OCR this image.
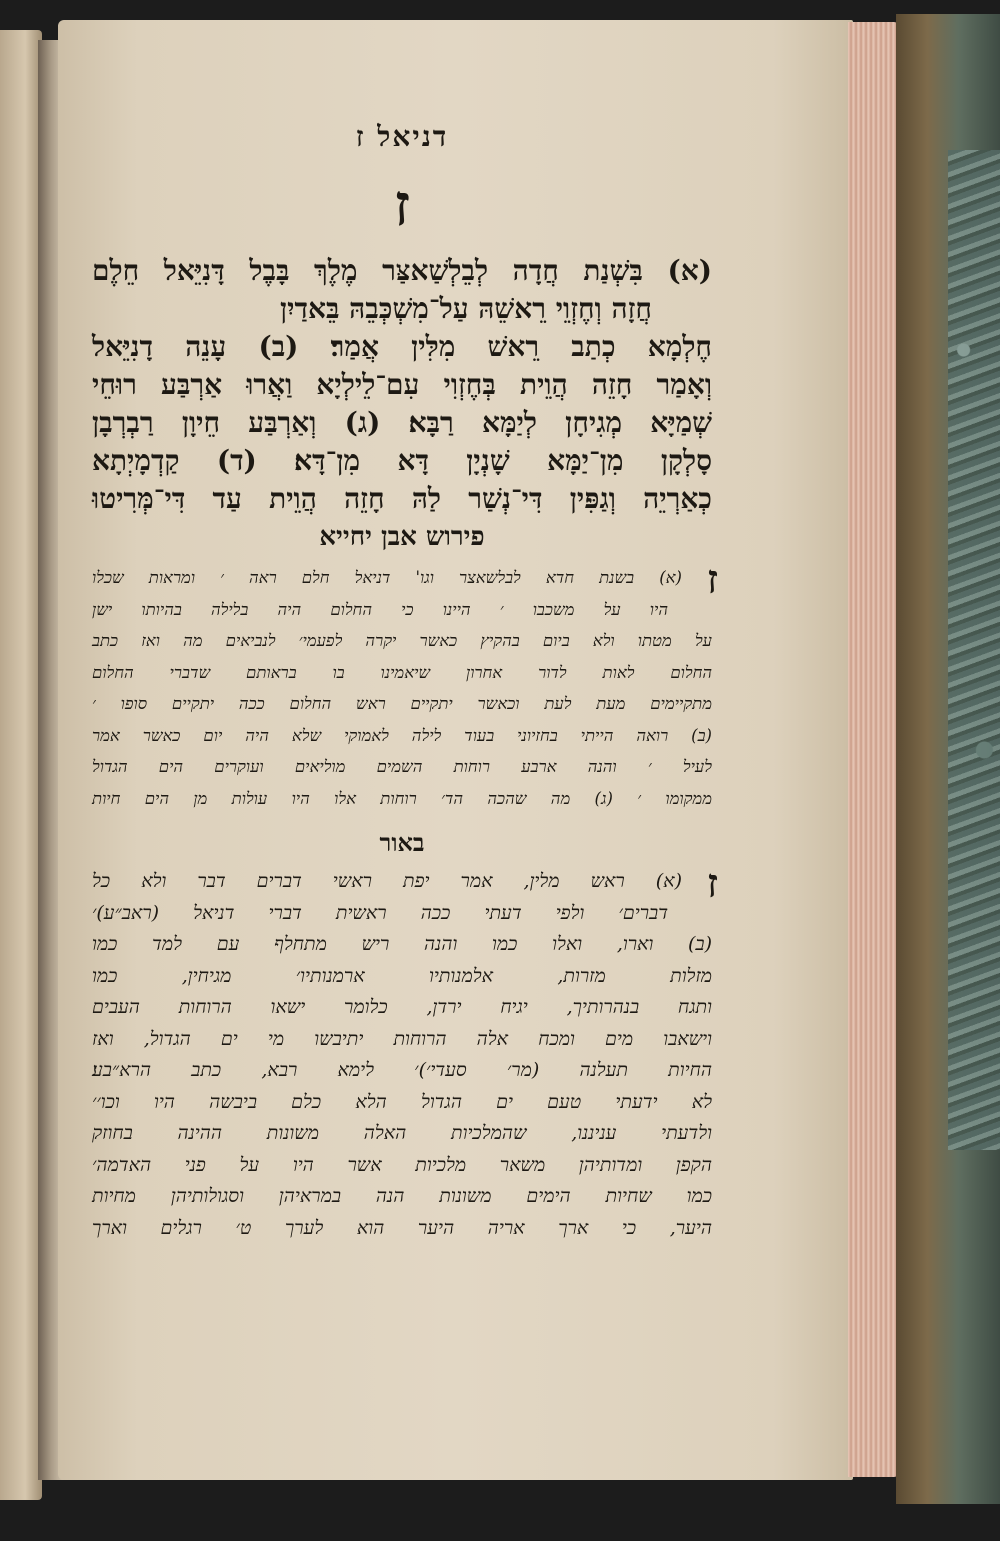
דניאל ז
ז

(א) בִּשְׁנַת חֲדָה לְבֵלְשַׁאצַּר מֶלֶךְ בָּבֶל דָּנִיֵּאל חֵלֶם

חֲזָה וְחֶזְוֵי רֵאשֵׁהּ עַל־מִשְׁכְּבֵהּ בֵּאדַיִן

חֶלְמָא כְתַב רֵאשׁ מִלִּין אֲמַר׃ (ב) עָנֵה דָנִיֵּאל

וְאָמַר חָזֵה הֲוֵית בְּחֶזְוִי עִם־לֵילְיָא וַאֲרוּ אַרְבַּע רוּחֵי

שְׁמַיָּא מְגִיחָן לְיַמָּא רַבָּא׃ (ג) וְאַרְבַּע חֵיוָן רַבְרְבָן

סָלְקָן מִן־יַמָּא שָׁנְיָן דָּא מִן־דָּא׃ (ד) קַדְמָיְתָא

כְאַרְיֵה וְגַפִּין דִּי־נְשַׁר לַהּ חָזֵה הֲוֵית עַד דִּי־מְּרִיטוּ

פירוש אבן יחייא
ז

(א) בשנת חדא לבלשאצר וגו' דניאל חלם ראה ׳ ומראות שכלו

היו על משכבו ׳ היינו כי החלום היה בלילה בהיותו ישן

על מטתו ולא ביום בהקיץ כאשר יקרה לפעמי׳ לנביאים מה ואז כתב

החלום לאות לדור אחרון שיאמינו בו בראותם שדברי החלום

מתקיימים מעת לעת וכאשר יתקיים ראש החלום ככה יתקיים סופו ׳

(ב) רואה הייתי בחזיוני בעוד לילה לאמוקי שלא היה יום כאשר אמר

לעיל ׳ והנה ארבע רוחות השמים מוליאים ועוקרים הים הגדול

ממקומו ׳ (ג) מה שהכה הד׳ רוחות אלו היו עולות מן הים חיות

באור
ז

(א) ראש מלין, אמר יפת ראשי דברים דבר ולא כל

דברים׳ ולפי דעתי ככה ראשית דברי דניאל (ראב״ע)׳

(ב) וארו, ואלו כמו והנה ריש מתחלף עם למד כמו

מזלות מזרות, אלמנותיו ארמנותיו׳ מגיחין, כמו

ותגח בנהרותיך, יגיח ירדן, כלומר ישאו הרוחות העבים

וישאבו מים ומכח אלה הרוחות יתיבשו מי ים הגדול, ואז

החיות תעלנה (מר׳ סעדי׳)׳ לימא רבא, כתב הרא״בע׃

לא ידעתי טעם ים הגדול הלא כלם ביבשה היו וכו׳׳

ולדעתי עניננו, שהמלכיות האלה משונות ההינה בחוזק

הקפן ומדותיהן משאר מלכיות אשר היו על פני האדמה׳

כמו שחיות הימים משונות הנה במראיהן וסגולותיהן מחיות

היער, כי ארך אריה היער הוא לערך ט׳ רגלים וארך
